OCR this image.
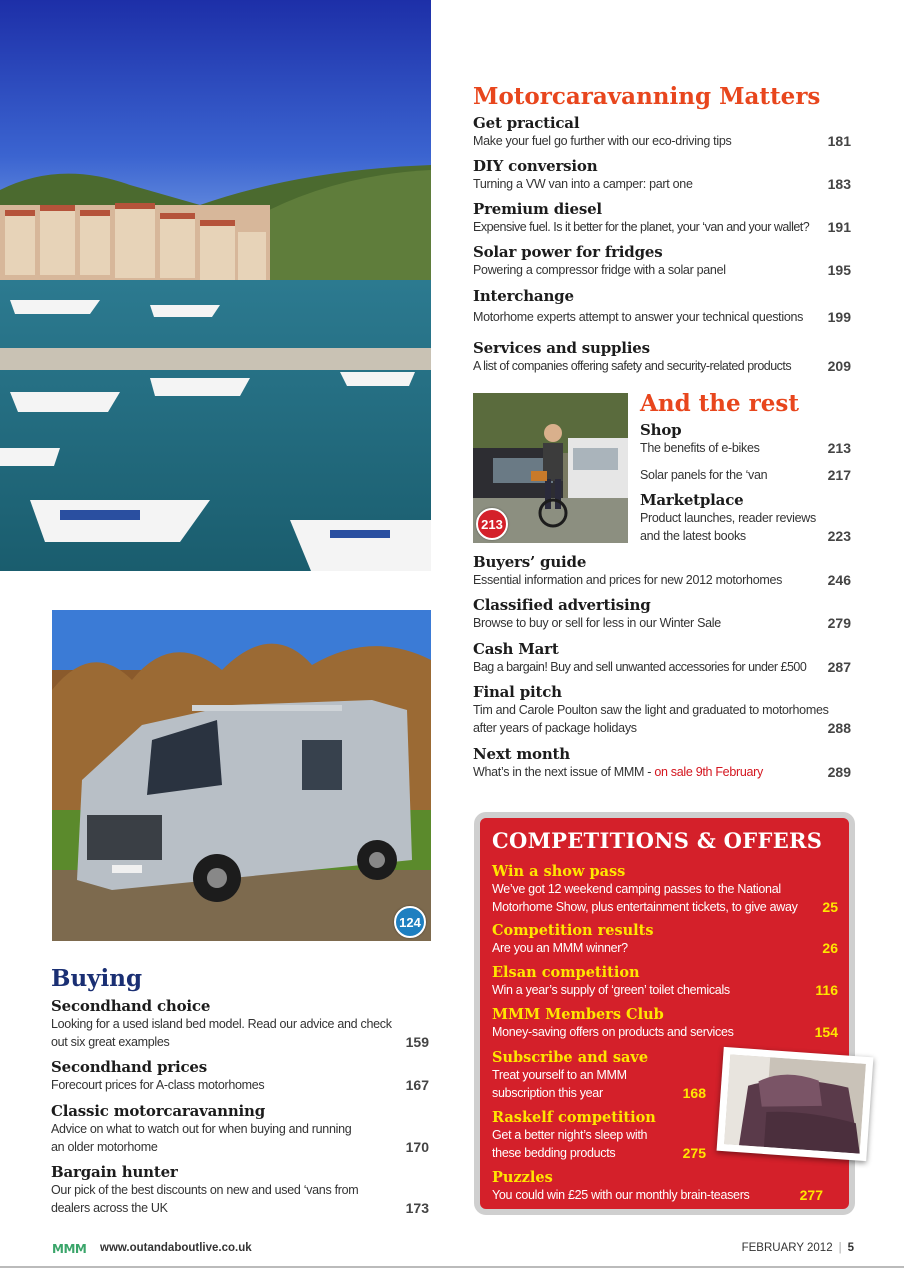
Motorcaravanning Matters
Get practical
Make your fuel go further with our eco-driving tips	181
DIY conversion
Turning a VW van into a camper: part one	183
Premium diesel
Expensive fuel. Is it better for the planet, your ‘van and your wallet? 191
Solar power for fridges
Powering a compressor fridge with a solar panel	195
Interchange
Motorhome experts attempt to answer your technical questions 199
Services and supplies
A list of companies offering safety and security-related products	209
213
And the rest
Shop
The benefits of e-bikes	213
Solar panels for the ‘van	217
Marketplace
Product launches, reader reviews
and the latest books	223
Buyers’ guide
Essential information and prices for new 2012 motorhomes	246
Classified advertising
Browse to buy or sell for less in our Winter Sale	279
Cash Mart
Bag a bargain! Buy and sell unwanted accessories for under £500 287
Final pitch
Tim and Carole Poulton saw the light and graduated to motorhomes
after years of package holidays	288
Next month
What’s in the next issue of MMM - on sale 9th February	289
124
Buying
Secondhand choice
Looking for a used island bed model. Read our advice and check
out six great examples	159
Secondhand prices
Forecourt prices for A-class motorhomes	167
Classic motorcaravanning
Advice on what to watch out for when buying and running
an older motorhome	170
Bargain hunter
Our pick of the best discounts on new and used ‘vans from
dealers across the UK	173
COMPETITIONS & OFFERS
Win a show pass
We’ve got 12 weekend camping passes to the National
Motorhome Show, plus entertainment tickets, to give away 25
Competition results
Are you an MMM winner?	26
Elsan competition
Win a year’s supply of ‘green’ toilet chemicals	116
MMM Members Club
Money-saving offers on products and services	154
Subscribe and save
Treat yourself to an MMM
subscription this year	168
Raskelf competition
Get a better night’s sleep with
these bedding products	275
Puzzles
You could win £25 with our monthly brain-teasers	277
MMM www.outandaboutlive.co.uk	FEBRUARY 2012 | 5
